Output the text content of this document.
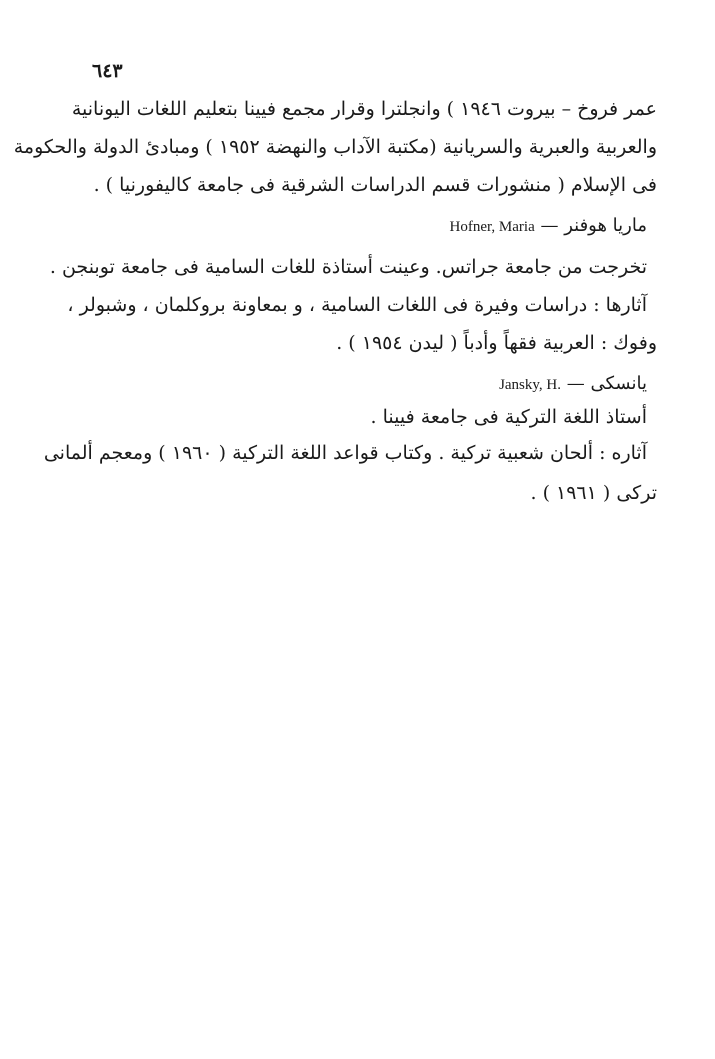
٦٤٣
عمر فروخ – بيروت ١٩٤٦ ) وانجلترا وقرار مجمع فيينا بتعليم اللغات اليونانية
والعربية والعبرية والسريانية (مكتبة الآداب والنهضة ١٩٥٢ ) ومبادئ الدولة والحكومة
فى الإسلام ( منشورات قسم الدراسات الشرقية فى جامعة كاليفورنيا ) .
ماريا هوفنر — Hofner, Maria
تخرجت من جامعة جراتس. وعينت أستاذة للغات السامية فى جامعة توبنجن .
آثارها : دراسات وفيرة فى اللغات السامية ، و بمعاونة بروكلمان ، وشبولر ،
وفوك : العربية فقهاً وأدباً ( ليدن ١٩٥٤ ) .
يانسكى — Jansky, H.
أستاذ اللغة التركية فى جامعة فيينا .
آثاره : ألحان شعبية تركية . وكتاب قواعد اللغة التركية ( ١٩٦٠ ) ومعجم ألمانى
تركى ( ١٩٦١ ) .
